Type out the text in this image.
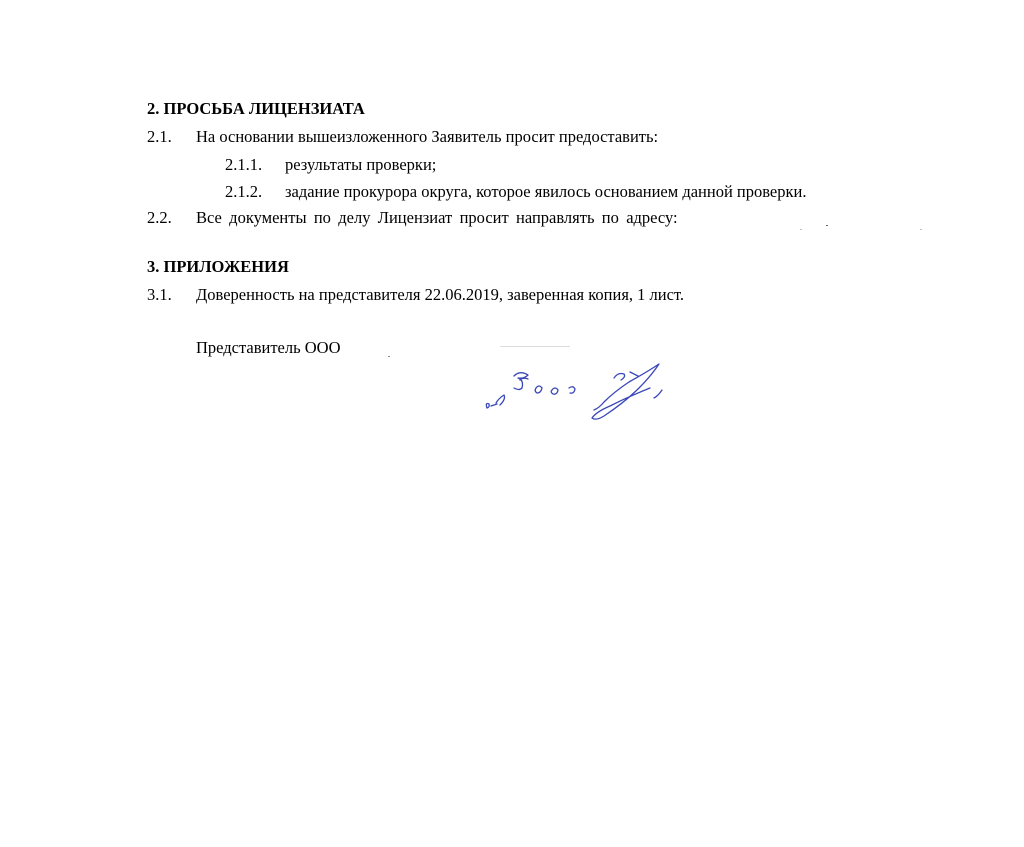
2. ПРОСЬБА ЛИЦЕНЗИАТА
2.1. На основании вышеизложенного Заявитель просит предоставить:
2.1.1. результаты проверки;
2.1.2. задание прокурора округа, которое явилось основанием данной проверки.
2.2. Все документы по делу Лицензиат просит направлять по адресу:
3. ПРИЛОЖЕНИЯ
3.1. Доверенность на представителя 22.06.2019, заверенная копия, 1 лист.
Представитель ООО
